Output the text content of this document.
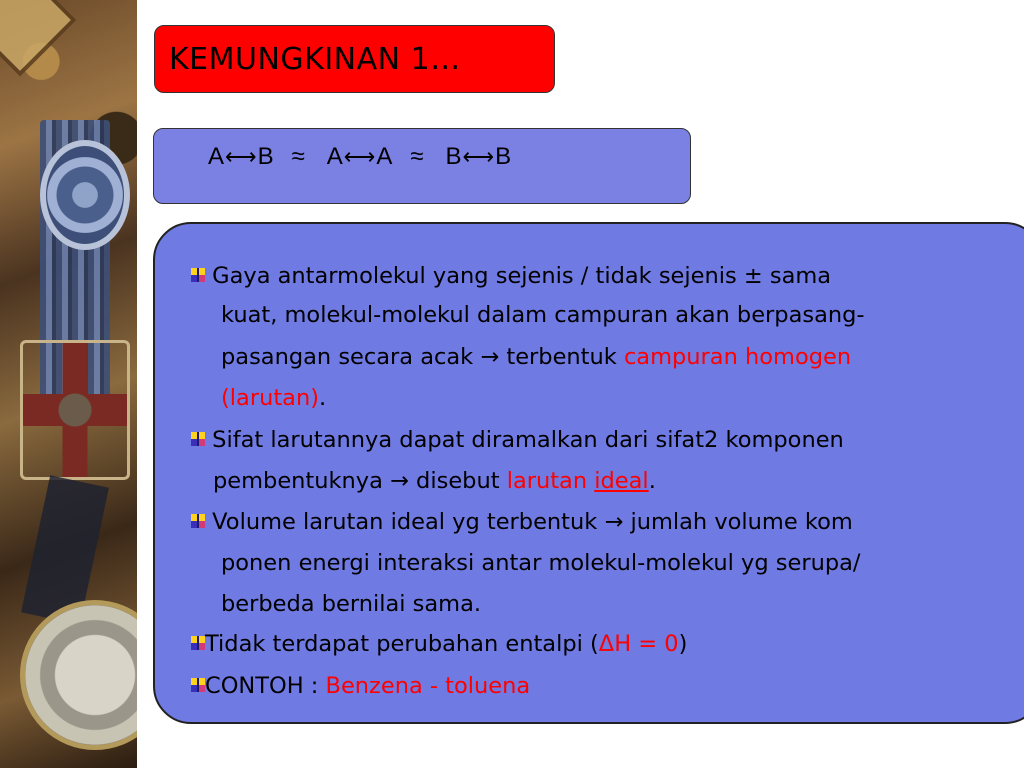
KEMUNGKINAN 1…
A⟷B ≈ A⟷A ≈ B⟷B
Gaya antarmolekul yang sejenis / tidak sejenis ± sama
kuat, molekul-molekul dalam campuran akan berpasang-
pasangan secara acak → terbentuk campuran homogen
(larutan).
Sifat larutannya dapat diramalkan dari sifat2 komponen
pembentuknya → disebut larutan ideal.
Volume larutan ideal yg terbentuk → jumlah volume kom
ponen energi interaksi antar molekul-molekul yg serupa/
berbeda bernilai sama.
Tidak terdapat perubahan entalpi (ΔH = 0)
CONTOH : Benzena - toluena
